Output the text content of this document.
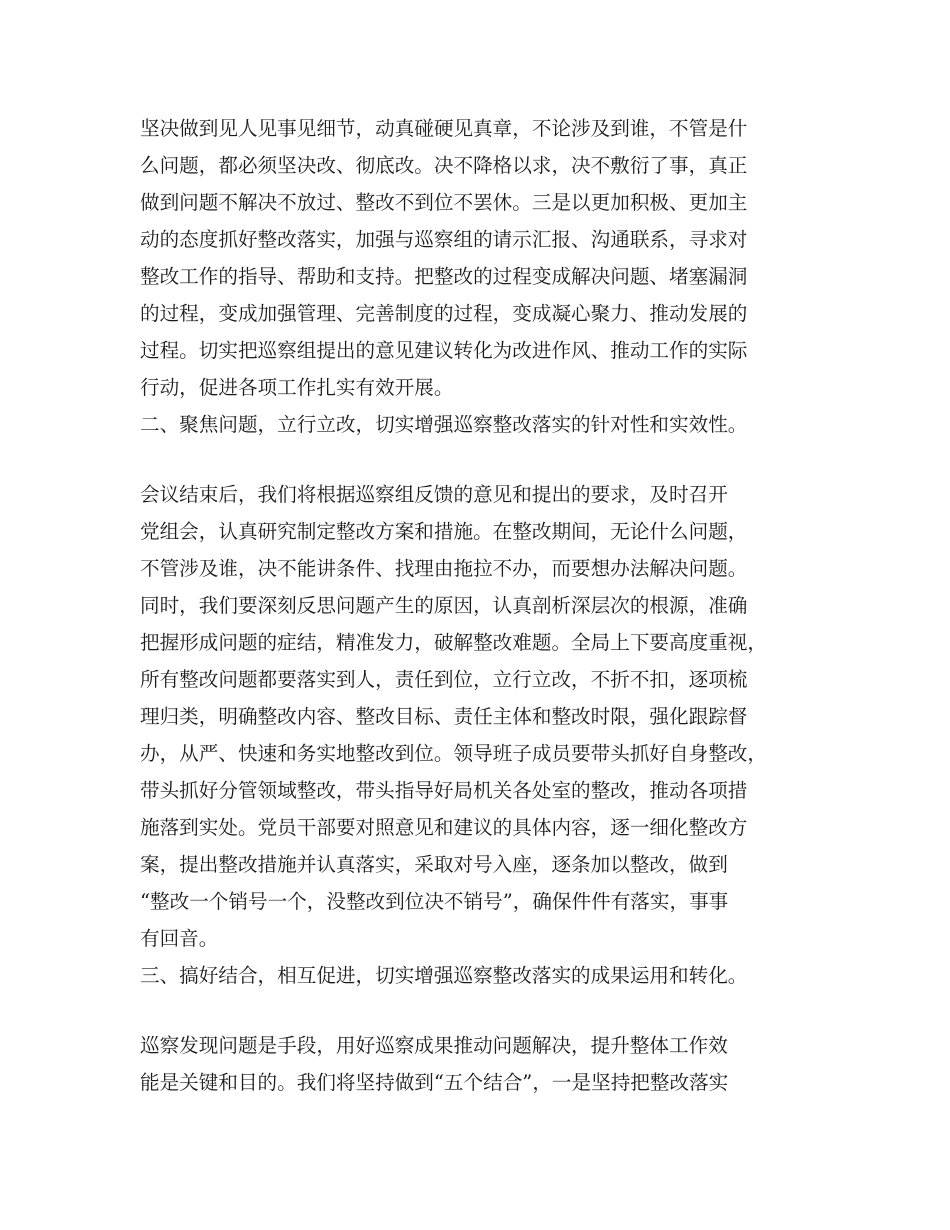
坚决做到见人见事见细节，动真碰硬见真章，不论涉及到谁，不管是什
么问题，都必须坚决改、彻底改。决不降格以求，决不敷衍了事，真正
做到问题不解决不放过、整改不到位不罢休。三是以更加积极、更加主
动的态度抓好整改落实，加强与巡察组的请示汇报、沟通联系，寻求对
整改工作的指导、帮助和支持。把整改的过程变成解决问题、堵塞漏洞
的过程，变成加强管理、完善制度的过程，变成凝心聚力、推动发展的
过程。切实把巡察组提出的意见建议转化为改进作风、推动工作的实际
行动，促进各项工作扎实有效开展。
二、聚焦问题，立行立改，切实增强巡察整改落实的针对性和实效性。
会议结束后，我们将根据巡察组反馈的意见和提出的要求，及时召开
党组会，认真研究制定整改方案和措施。在整改期间，无论什么问题，
不管涉及谁，决不能讲条件、找理由拖拉不办，而要想办法解决问题。
同时，我们要深刻反思问题产生的原因，认真剖析深层次的根源，准确
把握形成问题的症结，精准发力，破解整改难题。全局上下要高度重视，
所有整改问题都要落实到人，责任到位，立行立改，不折不扣，逐项梳
理归类，明确整改内容、整改目标、责任主体和整改时限，强化跟踪督
办，从严、快速和务实地整改到位。领导班子成员要带头抓好自身整改，
带头抓好分管领域整改，带头指导好局机关各处室的整改，推动各项措
施落到实处。党员干部要对照意见和建议的具体内容，逐一细化整改方
案，提出整改措施并认真落实，采取对号入座，逐条加以整改，做到
“整改一个销号一个，没整改到位决不销号”，确保件件有落实，事事
有回音。
三、搞好结合，相互促进，切实增强巡察整改落实的成果运用和转化。
巡察发现问题是手段，用好巡察成果推动问题解决，提升整体工作效
能是关键和目的。我们将坚持做到“五个结合”，一是坚持把整改落实
